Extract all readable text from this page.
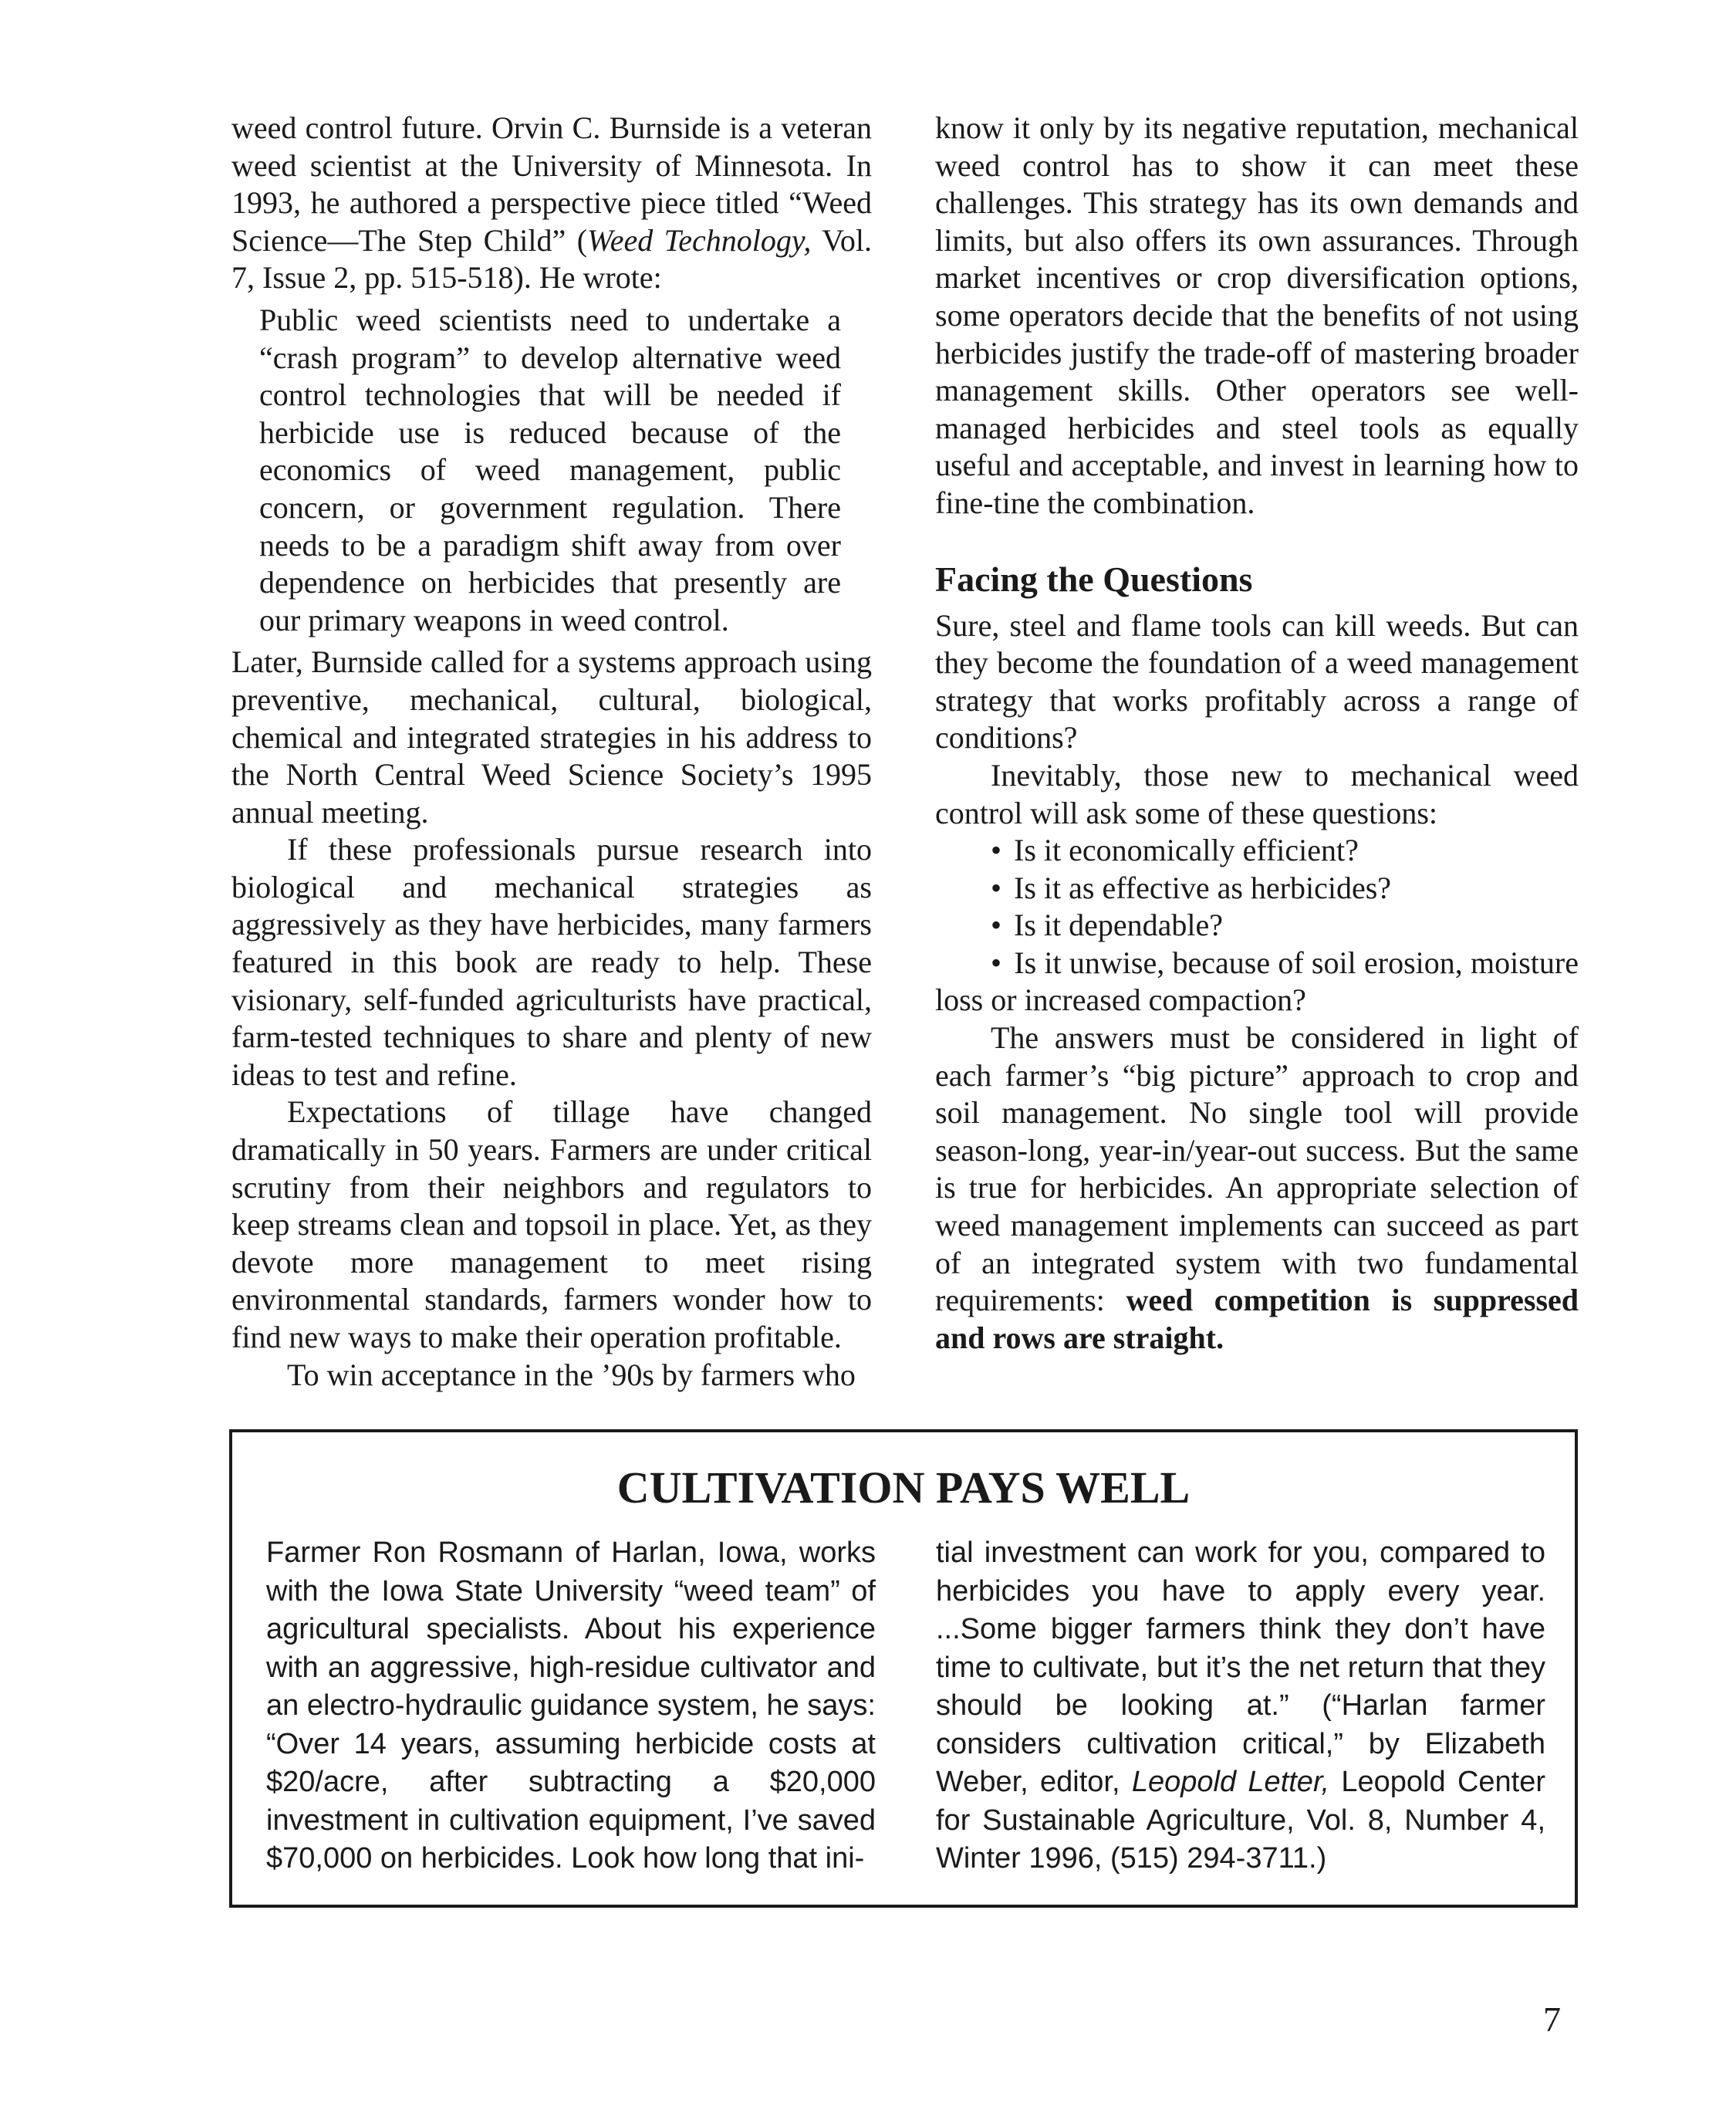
weed control future. Orvin C. Burnside is a veteran weed scientist at the University of Minnesota. In 1993, he authored a perspective piece titled “Weed Science—The Step Child” (Weed Technology, Vol. 7, Issue 2, pp. 515-518). He wrote:

Public weed scientists need to undertake a “crash program” to develop alternative weed control technologies that will be needed if herbicide use is reduced because of the economics of weed management, public concern, or government regulation. There needs to be a paradigm shift away from over dependence on herbicides that presently are our primary weapons in weed control.

Later, Burnside called for a systems approach using preventive, mechanical, cultural, biological, chemical and integrated strategies in his address to the North Central Weed Science Society’s 1995 annual meeting.

If these professionals pursue research into biological and mechanical strategies as aggressively as they have herbicides, many farmers featured in this book are ready to help. These visionary, self-funded agriculturists have practical, farm-tested techniques to share and plenty of new ideas to test and refine.

Expectations of tillage have changed dramatically in 50 years. Farmers are under critical scrutiny from their neighbors and regulators to keep streams clean and topsoil in place. Yet, as they devote more management to meet rising environmental standards, farmers wonder how to find new ways to make their operation profitable.

To win acceptance in the ’90s by farmers who

know it only by its negative reputation, mechanical weed control has to show it can meet these challenges. This strategy has its own demands and limits, but also offers its own assurances. Through market incentives or crop diversification options, some operators decide that the benefits of not using herbicides justify the trade-off of mastering broader management skills. Other operators see well-managed herbicides and steel tools as equally useful and acceptable, and invest in learning how to fine-tine the combination.

Facing the Questions

Sure, steel and flame tools can kill weeds. But can they become the foundation of a weed management strategy that works profitably across a range of conditions?

Inevitably, those new to mechanical weed control will ask some of these questions:

• Is it economically efficient?
• Is it as effective as herbicides?
• Is it dependable?
• Is it unwise, because of soil erosion, moisture loss or increased compaction?

The answers must be considered in light of each farmer’s “big picture” approach to crop and soil management. No single tool will provide season-long, year-in/year-out success. But the same is true for herbicides. An appropriate selection of weed management implements can succeed as part of an integrated system with two fundamental requirements: weed competition is suppressed and rows are straight.

CULTIVATION PAYS WELL

Farmer Ron Rosmann of Harlan, Iowa, works with the Iowa State University “weed team” of agricultural specialists. About his experience with an aggressive, high-residue cultivator and an electro-hydraulic guidance system, he says: “Over 14 years, assuming herbicide costs at $20/acre, after subtracting a $20,000 investment in cultivation equipment, I’ve saved $70,000 on herbicides. Look how long that ini-

tial investment can work for you, compared to herbicides you have to apply every year. ...Some bigger farmers think they don’t have time to cultivate, but it’s the net return that they should be looking at.” (“Harlan farmer considers cultivation critical,” by Elizabeth Weber, editor, Leopold Letter, Leopold Center for Sustainable Agriculture, Vol. 8, Number 4, Winter 1996, (515) 294-3711.)

7
